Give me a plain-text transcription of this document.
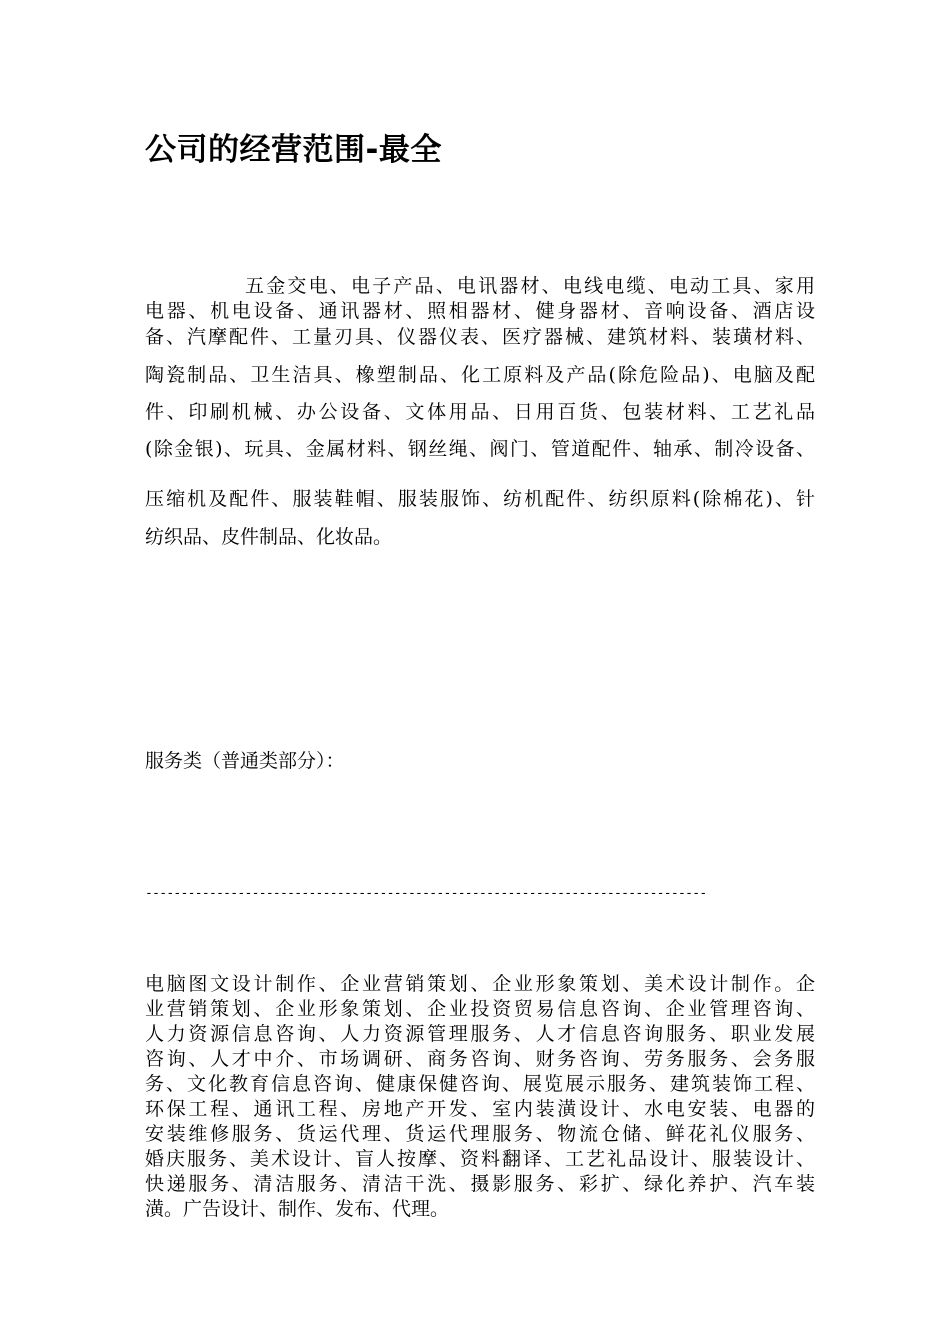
公司的经营范围-最全
五金交电、电子产品、电讯器材、电线电缆、电动工具、家用
电器、机电设备、通讯器材、照相器材、健身器材、音响设备、酒店设
备、汽摩配件、工量刃具、仪器仪表、医疗器械、建筑材料、装璜材料、
陶瓷制品、卫生洁具、橡塑制品、化工原料及产品(除危险品)、电脑及配
件、印刷机械、办公设备、文体用品、日用百货、包装材料、工艺礼品
(除金银)、玩具、金属材料、钢丝绳、阀门、管道配件、轴承、制冷设备、
压缩机及配件、服装鞋帽、服装服饰、纺机配件、纺织原料(除棉花)、针
纺织品、皮件制品、化妆品。
服务类（普通类部分）：
-------------------------------------------------------------------------------
电脑图文设计制作、企业营销策划、企业形象策划、美术设计制作。企
业营销策划、企业形象策划、企业投资贸易信息咨询、企业管理咨询、
人力资源信息咨询、人力资源管理服务、人才信息咨询服务、职业发展
咨询、人才中介、市场调研、商务咨询、财务咨询、劳务服务、会务服
务、文化教育信息咨询、健康保健咨询、展览展示服务、建筑装饰工程、
环保工程、通讯工程、房地产开发、室内装潢设计、水电安装、电器的
安装维修服务、货运代理、货运代理服务、物流仓储、鲜花礼仪服务、
婚庆服务、美术设计、盲人按摩、资料翻译、工艺礼品设计、服装设计、
快递服务、清洁服务、清洁干洗、摄影服务、彩扩、绿化养护、汽车装
潢。广告设计、制作、发布、代理。
